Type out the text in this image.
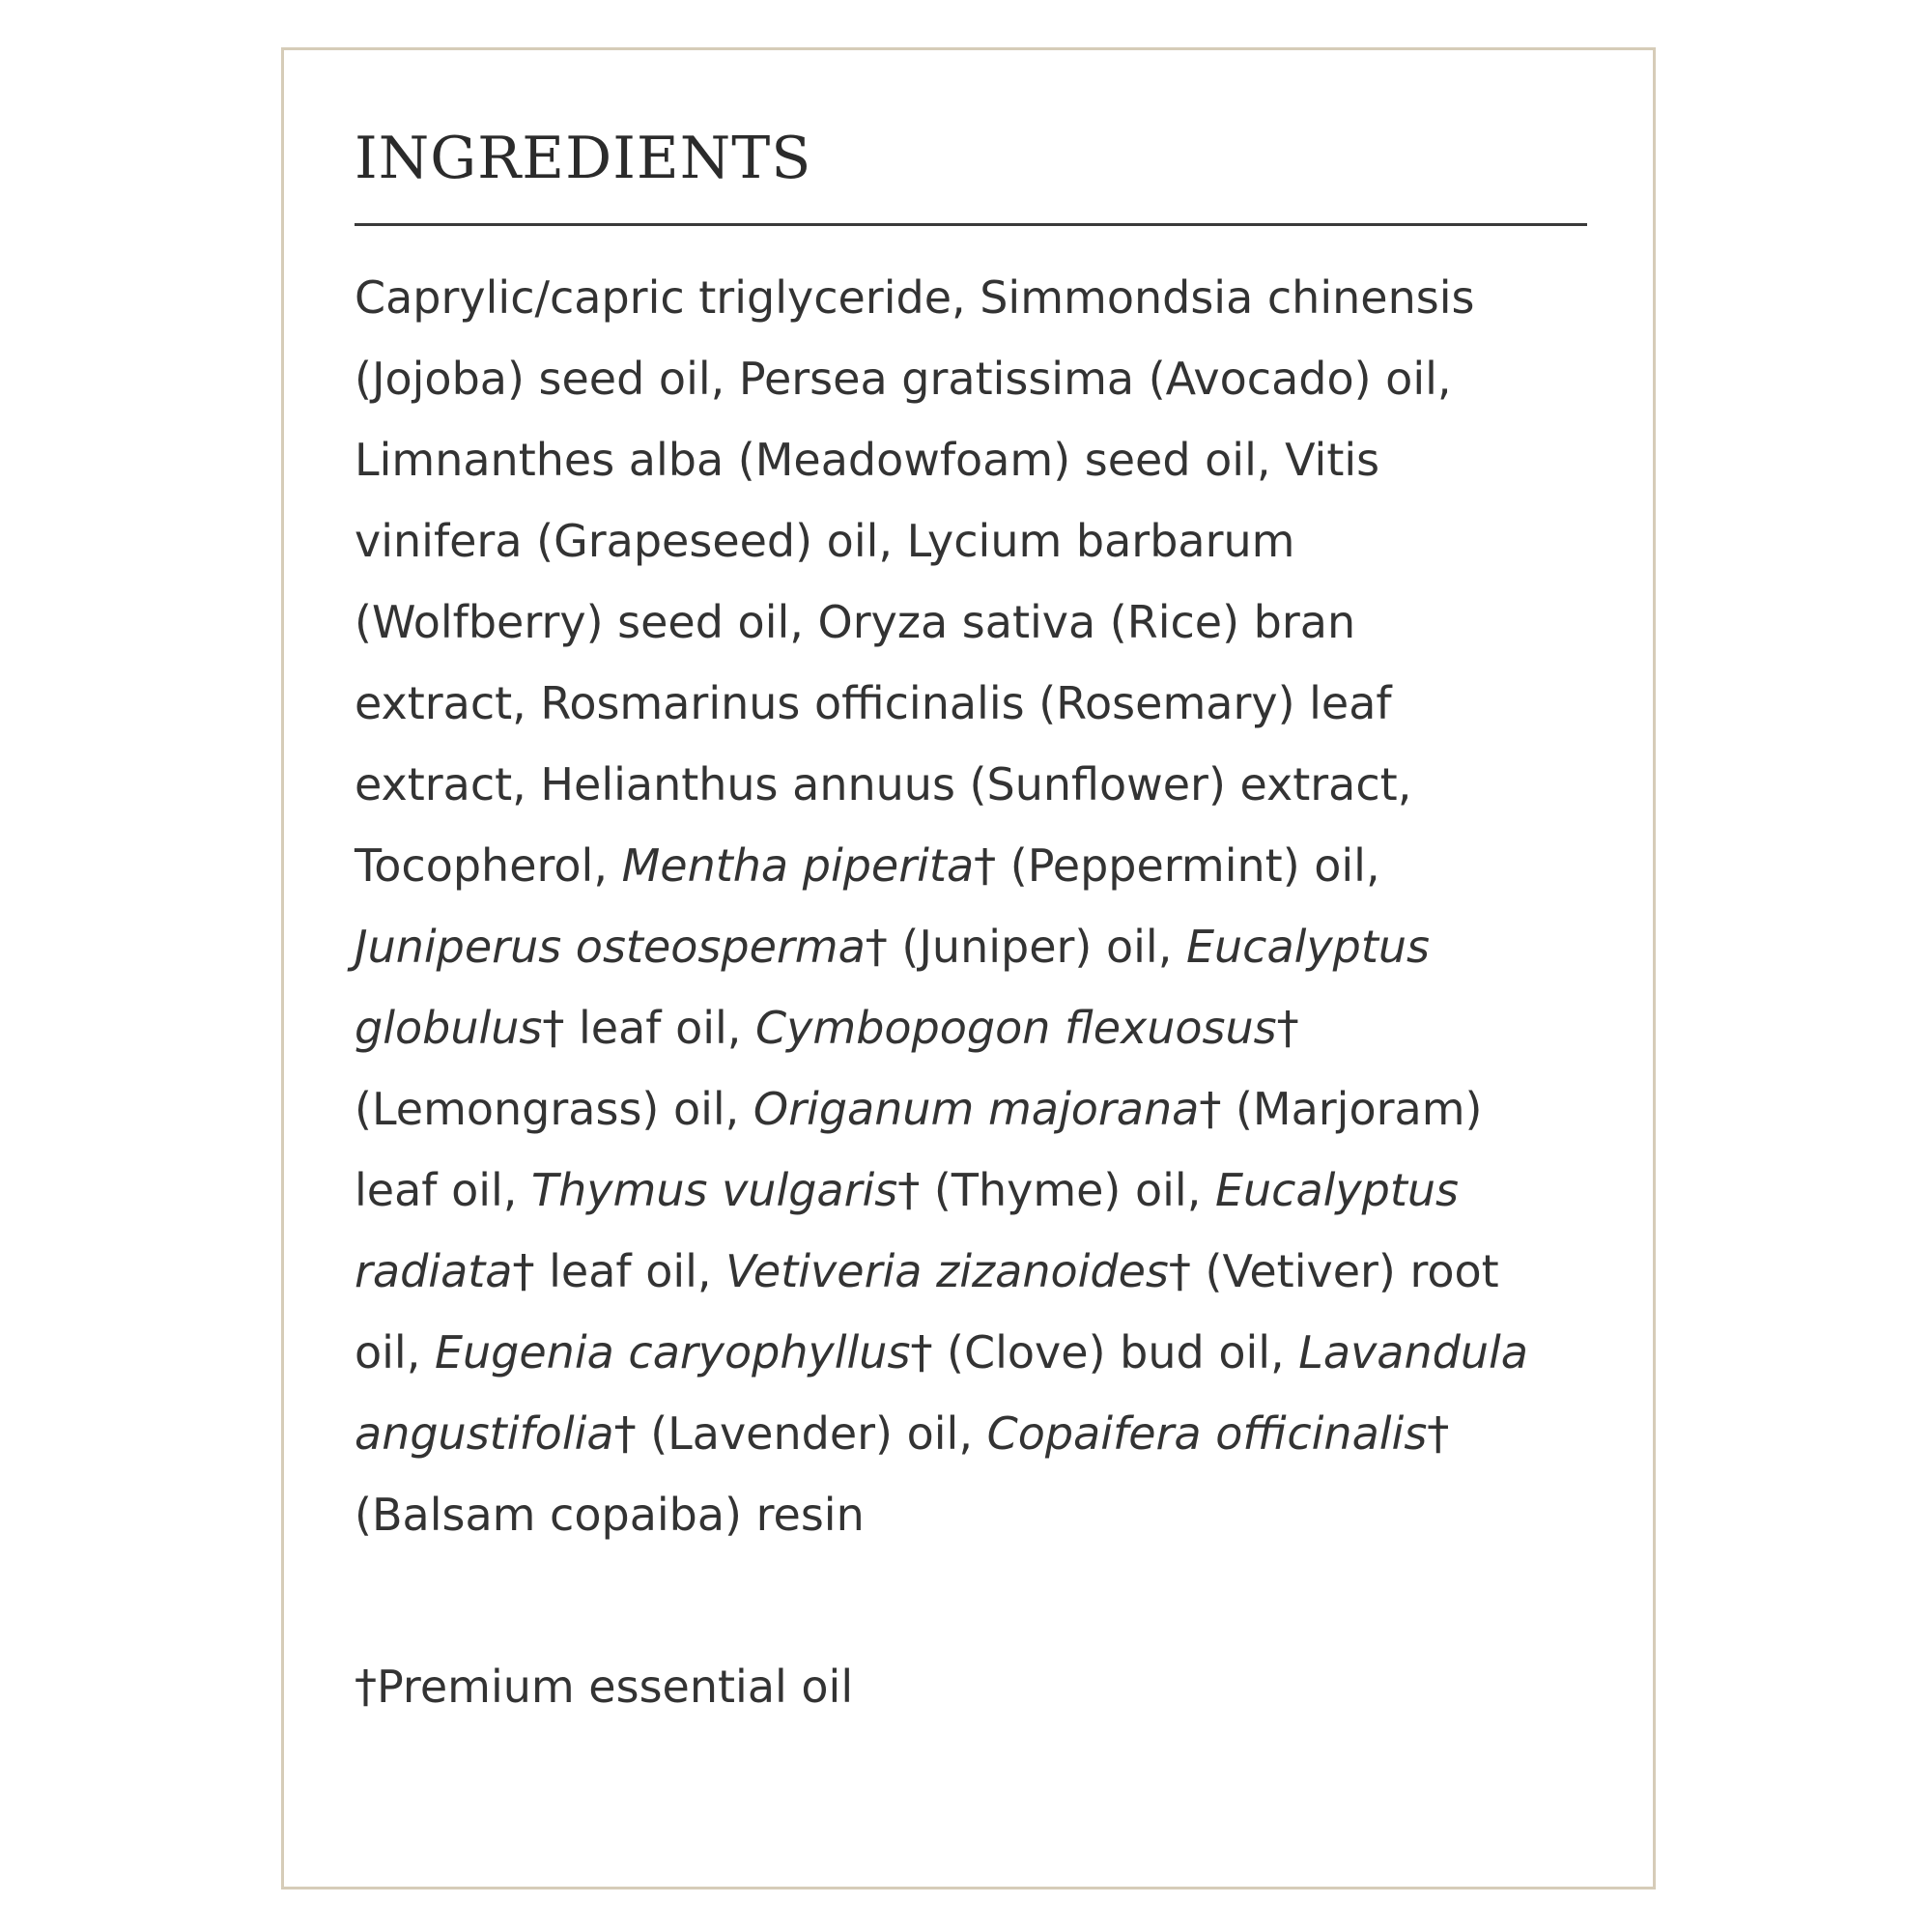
INGREDIENTS

Caprylic/capric triglyceride, Simmondsia chinensis
(Jojoba) seed oil, Persea gratissima (Avocado) oil,
Limnanthes alba (Meadowfoam) seed oil, Vitis
vinifera (Grapeseed) oil, Lycium barbarum
(Wolfberry) seed oil, Oryza sativa (Rice) bran
extract, Rosmarinus officinalis (Rosemary) leaf
extract, Helianthus annuus (Sunflower) extract,
Tocopherol, Mentha piperita† (Peppermint) oil,
Juniperus osteosperma† (Juniper) oil, Eucalyptus
globulus† leaf oil, Cymbopogon flexuosus†
(Lemongrass) oil, Origanum majorana† (Marjoram)
leaf oil, Thymus vulgaris† (Thyme) oil, Eucalyptus
radiata† leaf oil, Vetiveria zizanoides† (Vetiver) root
oil, Eugenia caryophyllus† (Clove) bud oil, Lavandula
angustifolia† (Lavender) oil, Copaifera officinalis†
(Balsam copaiba) resin

†Premium essential oil
